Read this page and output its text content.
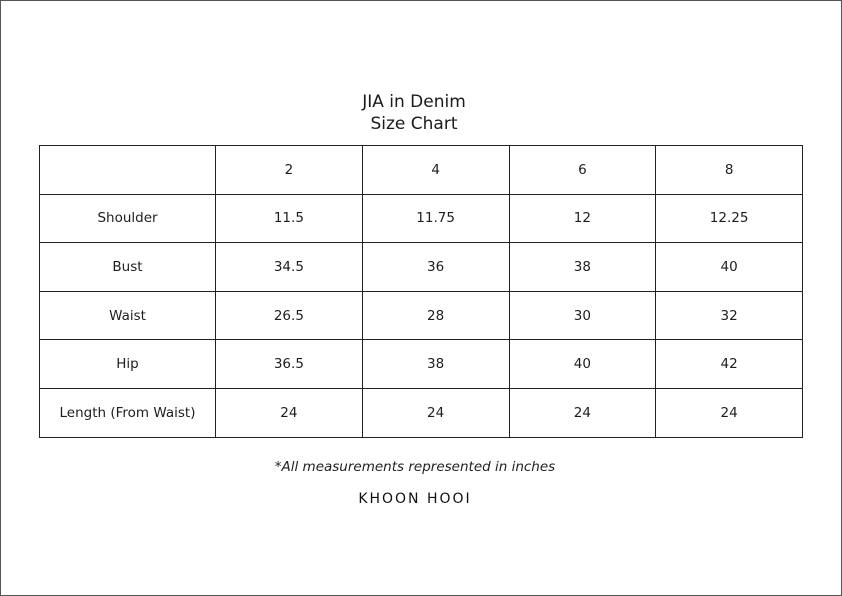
JIA in Denim
Size Chart
	2	4	6	8
Shoulder	11.5	11.75	12	12.25
Bust	34.5	36	38	40
Waist	26.5	28	30	32
Hip	36.5	38	40	42
Length (From Waist)	24	24	24	24
*All measurements represented in inches
KHOON HOOI
